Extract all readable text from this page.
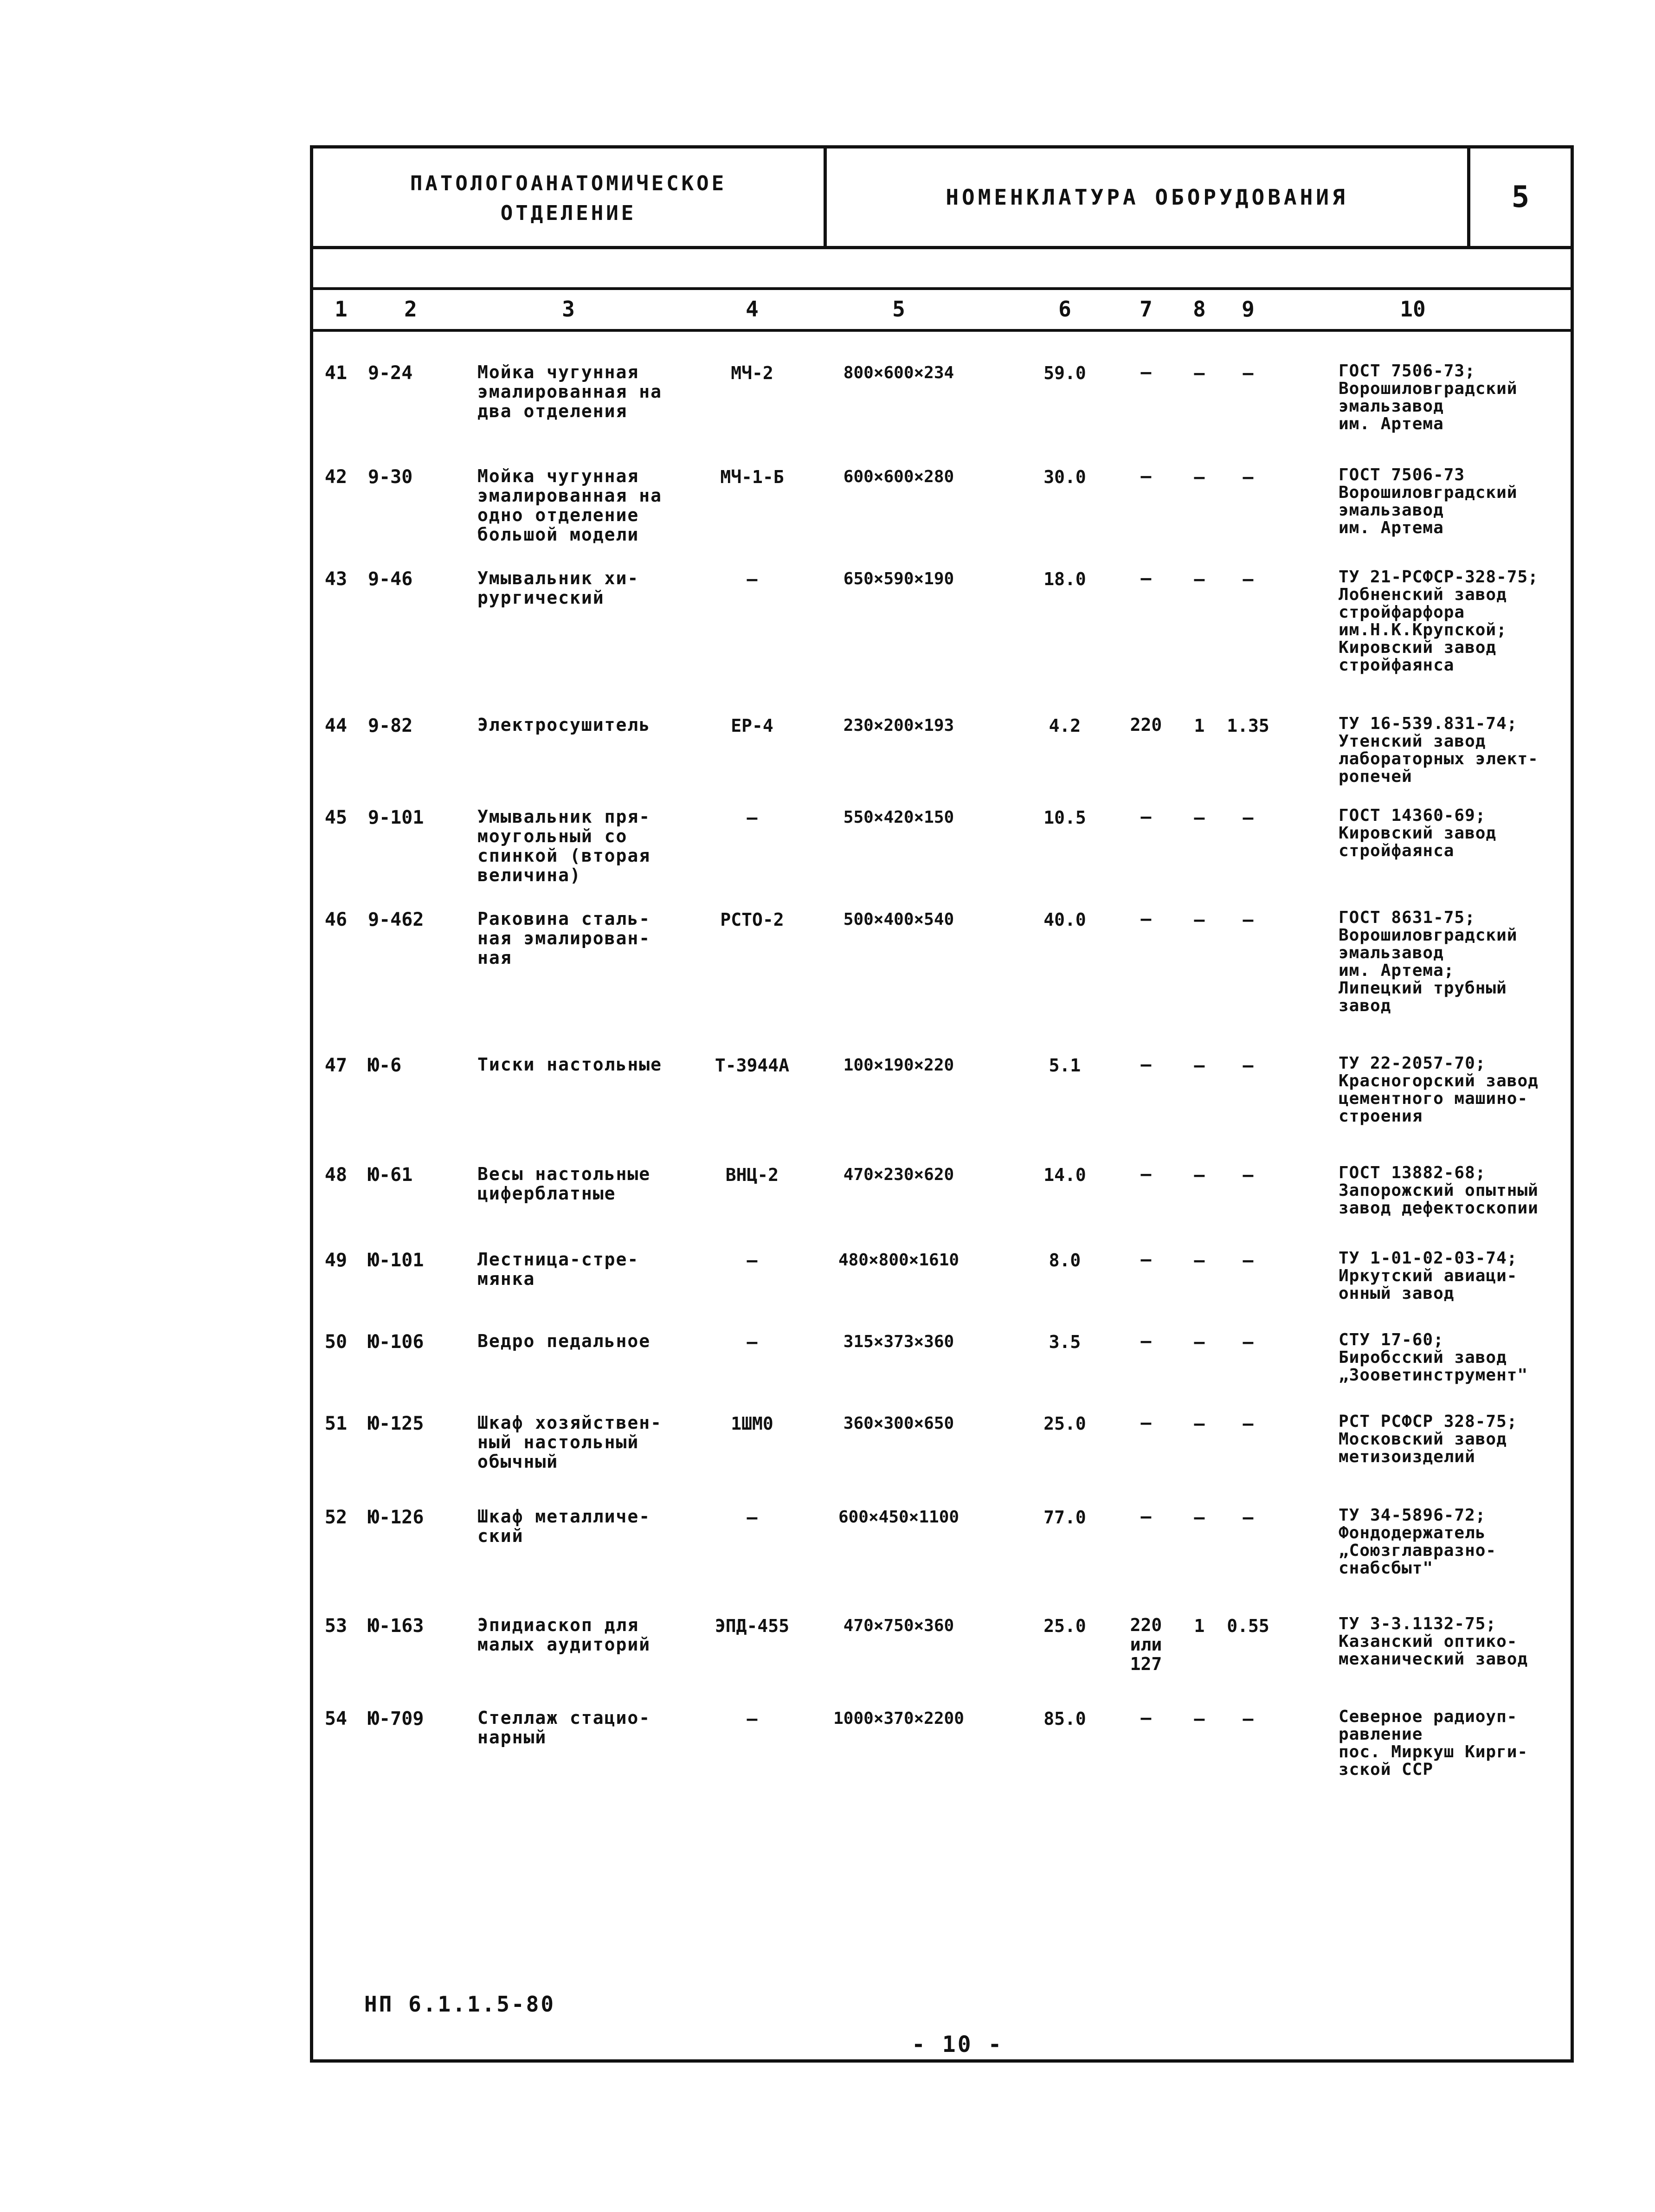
ПАТОЛОГОАНАТОМИЧЕСКОЕ
ОТДЕЛЕНИЕ
НОМЕНКЛАТУРА ОБОРУДОВАНИЯ	5
1	2	3	4	5	6	7	8	9	10
41 9-24	Мойка чугунная
эмалированная на
два отделения
МЧ-2	800×600×234	59.0	–	–	–	ГОСТ 7506-73;
Ворошиловградский
эмальзавод
им. Артема
42 9-30	Мойка чугунная
эмалированная на
одно отделение
большой модели
МЧ-1-Б	600×600×280	30.0	–	–	–	ГОСТ 7506-73
Ворошиловградский
эмальзавод
им. Артема
43 9-46	Умывальник хи-
рургический
–	650×590×190	18.0	–	–	–	ТУ 21-РСФСР-328-75;
Лобненский завод
стройфарфора
им.Н.К.Крупской;
Кировский завод
стройфаянса
44 9-82	Электросушитель	ЕР-4	230×200×193	4.2	220	1	1.35	ТУ 16-539.831-74;
Утенский завод
лабораторных элект-
ропечей
45 9-101	Умывальник пря-
моугольный со
спинкой (вторая
величина)
–	550×420×150	10.5	–	–	–	ГОСТ 14360-69;
Кировский завод
стройфаянса
46 9-462	Раковина сталь-
ная эмалирован-
ная
РСТО-2	500×400×540	40.0	–	–	–	ГОСТ 8631-75;
Ворошиловградский
эмальзавод
им. Артема;
Липецкий трубный
завод
47 Ю-6	Тиски настольные	Т-3944А	100×190×220	5.1	–	–	–	ТУ 22-2057-70;
Красногорский завод
цементного машино-
строения
48 Ю-61	Весы настольные
циферблатные
ВНЦ-2	470×230×620	14.0	–	–	–	ГОСТ 13882-68;
Запорожский опытный
завод дефектоскопии
49 Ю-101	Лестница-стре-
мянка
–	480×800×1610	8.0	–	–	–	ТУ 1-01-02-03-74;
Иркутский авиаци-
онный завод
50 Ю-106	Ведро педальное	–	315×373×360	3.5	–	–	–	СТУ 17-60;
Биробсский завод
„Зооветинструмент"
51 Ю-125	Шкаф хозяйствен-
ный настольный
обычный
1ШМ0	360×300×650	25.0	–	–	–	РСТ РСФСР 328-75;
Московский завод
метизоизделий
52 Ю-126	Шкаф металличе-
ский
–	600×450×1100	77.0	–	–	–	ТУ 34-5896-72;
Фондодержатель
„Союзглавразно-
снабсбыт"
53 Ю-163	Эпидиаскоп для
малых аудиторий
ЭПД-455	470×750×360	25.0	220
или
127
1	0.55	ТУ 3-3.1132-75;
Казанский оптико-
механический завод
54 Ю-709	Стеллаж стацио-
нарный
–	1000×370×2200	85.0	–	–	–	Северное радиоуп-
равление
пос. Миркуш Кирги-
зской ССР
НП 6.1.1.5-80
- 10 -
